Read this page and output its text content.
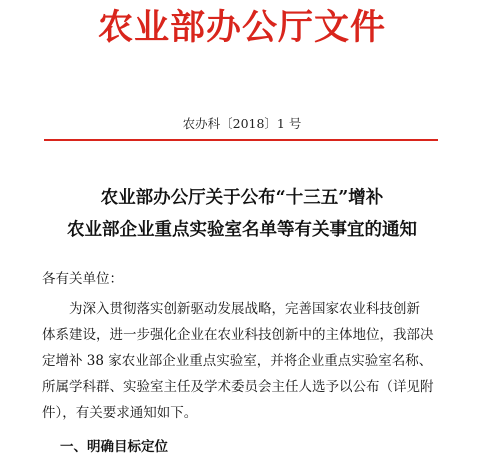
农业部办公厅文件
农办科〔2018〕1 号
农业部办公厅关于公布“十三五”增补
农业部企业重点实验室名单等有关事宜的通知
各有关单位：
为深入贯彻落实创新驱动发展战略，完善国家农业科技创新
体系建设，进一步强化企业在农业科技创新中的主体地位，我部决
定增补 38 家农业部企业重点实验室，并将企业重点实验室名称、
所属学科群、实验室主任及学术委员会主任人选予以公布（详见附
件），有关要求通知如下。
一、明确目标定位
